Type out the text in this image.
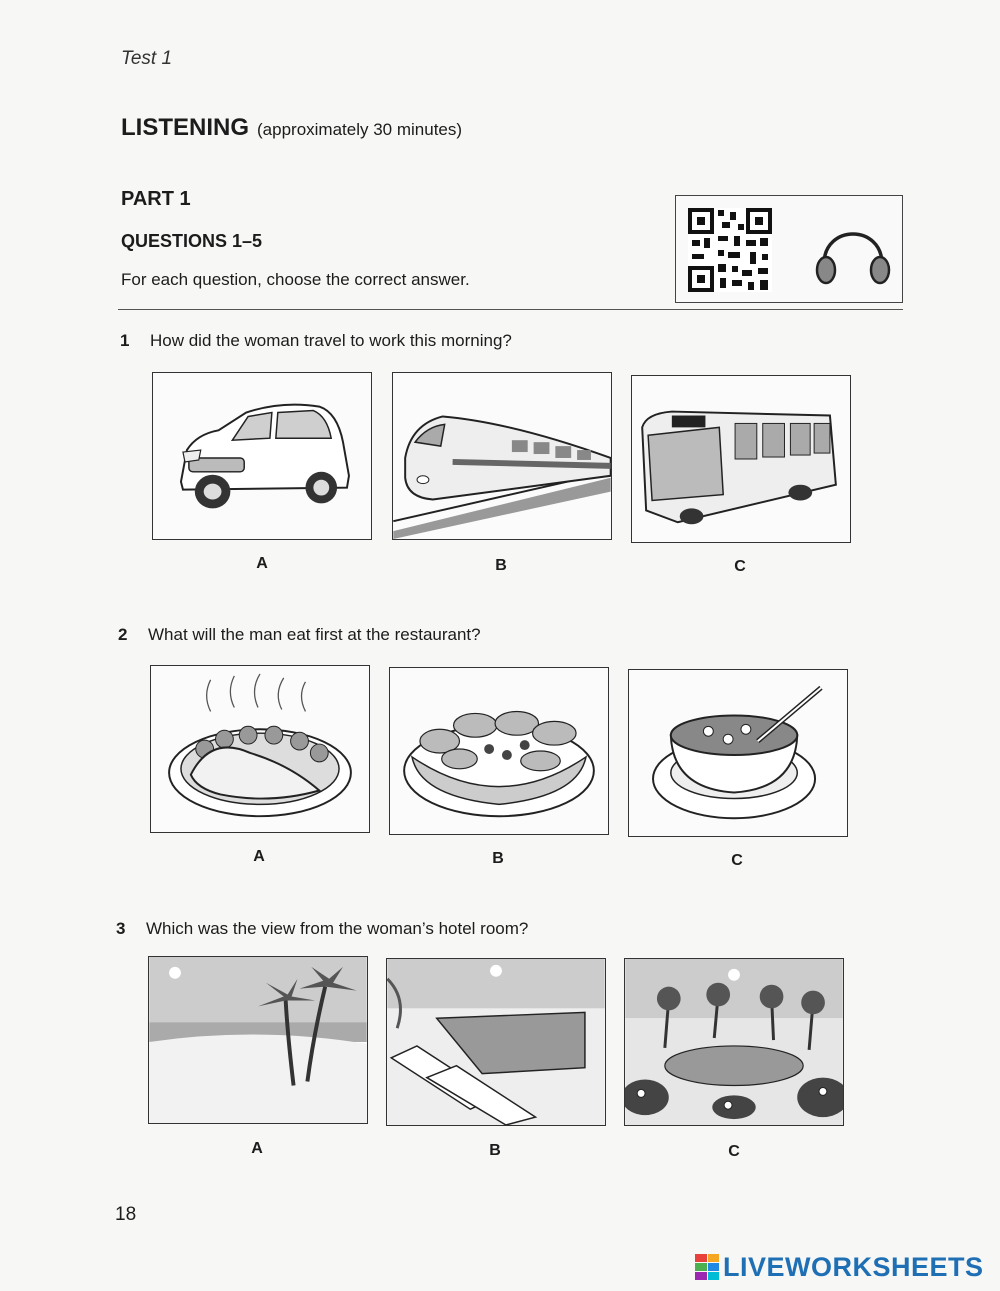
Test 1
LISTENING (approximately 30 minutes)
PART 1
QUESTIONS 1–5
For each question, choose the correct answer.
1 How did the woman travel to work this morning?
A	B	C
2 What will the man eat first at the restaurant?
A	B	C
3 Which was the view from the woman’s hotel room?
A	B	C
18
LIVEWORKSHEETS
